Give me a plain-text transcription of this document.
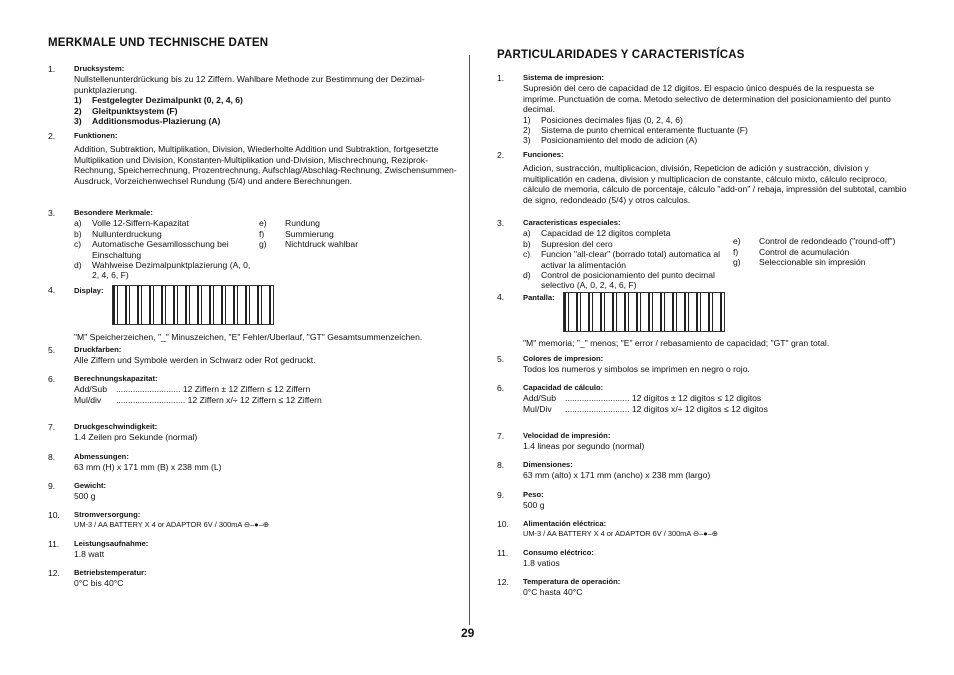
MERKMALE UND TECHNISCHE DATEN
1.	Drucksystem:
Nullstellenunterdrückung bis zu 12 Ziffern. Wahlbare Methode zur Bestimmung der Dezimal-punktplazierung.
1)	Festgelegter Dezimalpunkt (0, 2, 4, 6)
2)	Gleitpunktsystem (F)
3)	Additionsmodus-Plazierung (A)
2.	Funktionen:
Addition, Subtraktion, Multiplikation, Division, Wiederholte Addition und Subtraktion, fortgesetzte Multiplikation und Division, Konstanten-Multiplikation und-Division, Mischrechnung, Reziprok-Rechnung, Speicherrechnung, Prozentrechnung, Aufschlag/Abschlag-Rechnung, Zwischensummen-Ausdruck, Vorzeichenwechsel Rundung (5/4) und andere Berechnungen.
3.	Besondere Merkmale:
a)	Volle 12-Siffern-Kapazitat
b)	Nullunterdruckung
c)	Automatische Gesamllosschung bei Einschaltung
d)	Wahlweise Dezimalpunktplazierung (A, 0, 2, 4, 6, F)
e)	Rundung
f)	Summierung
g)	Nichtdruck wahlbar
4.	Display:
"M" Speicherzeichen, "_" Minuszeichen, "E" Fehler/Uberlauf, "GT" Gesamtsummenzeichen.
5.	Druckfarben:
Alle Ziffern und Symbole werden in Schwarz oder Rot gedruckt.
6.	Berechnungskapazitat:
Add/Sub	........................... 12 Ziffern ± 12 Ziffern ≤ 12 Ziffern
Mul/div	............................. 12 Ziffern x/÷ 12 Ziffern ≤ 12 Ziffern
7.	Druckgeschwindigkeit:
1.4 Zeilen pro Sekunde (normal)
8.	Abmessungen:
63 mm (H) x 171 mm (B) x 238 mm (L)
9.	Gewicht:
500 g
10.	Stromversorgung:
UM-3 / AA BATTERY X 4 or ADAPTOR 6V / 300mA ⊖–●–⊕
11.	Leistungsaufnahme:
1.8 watt
12.	Betriebstemperatur:
0°C bis 40°C
PARTICULARIDADES Y CARACTERISTÍCAS
1.	Sistema de impresion:
Supresión del cero de capacidad de 12 digitos. El espacio único después de la respuesta se imprime. Punctuatión de coma. Metodo selectivo de determination del posicionamiento del punto decimal.
1)	Posiciones decimales fijas (0, 2, 4, 6)
2)	Sistema de punto chemical enteramente fluctuante (F)
3)	Posicionamiento del modo de adicion (A)
2.	Funciones:
Adicion, sustracción, multiplicacion, división, Repeticion de adición y sustracción, division y multiplicatión en cadena, division y multiplicacion de constante, cálculo mixto, cálculo reciproco, cálculo de memoria, cálculo de porcentaje, cálculo "add-on" / rebaja, impressión del subtotal, cambio de signo, redondeado (5/4) y otros calculos.
3.	Caracteristicas especiales:
a)	Capacidad de 12 digitos completa
b)	Supresion del cero
c)	Funcion "all-clear" (borrado total) automatica al activar la alimentación
d)	Control de posicionamiento del punto decimal selectivo (A, 0, 2, 4, 6, F)
e)	Control de redondeado ("round-off")
f)	Control de acumulación
g)	Seleccionable sin impresión
4.	Pantalla:
"M" memoria; "_" menos; "E" error / rebasamiento de capacidad; "GT" gran total.
5.	Colores de impresion:
Todos los numeros y simbolos se imprimen en negro o rojo.
6.	Capacidad de cálculo:
Add/Sub	........................... 12 digitos ± 12 digitos ≤ 12 digitos
Mul/Div	........................... 12 digitos x/÷ 12 digitos ≤ 12 digitos
7.	Velocidad de impresión:
1.4 lineas por segundo (normal)
8.	Dimensiones:
63 mm (alto) x 171 mm (ancho) x 238 mm (largo)
9.	Peso:
500 g
10.	Alimentación eléctrica:
UM-3 / AA BATTERY X 4 or ADAPTOR 6V / 300mA ⊖–●–⊕
11.	Consumo eléctrico:
1.8 vatios
12.	Temperatura de operación:
0°C hasta 40°C
29
